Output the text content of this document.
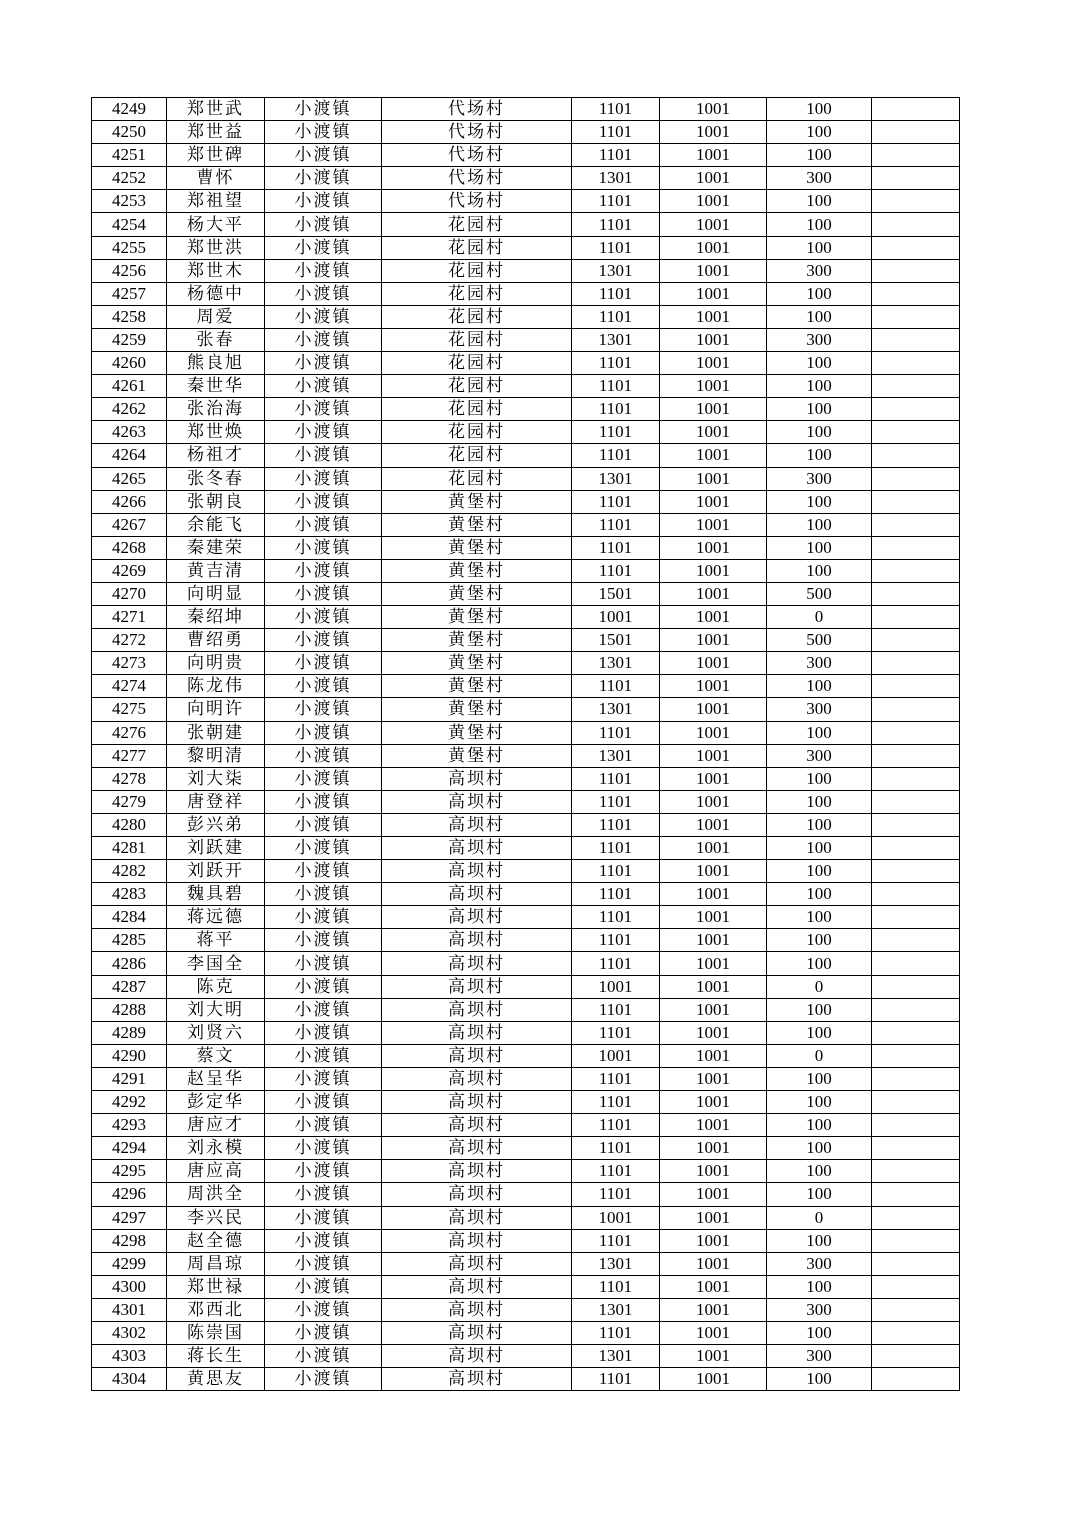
4249	郑世武	小渡镇	代场村	1101	1001	100	
4250	郑世益	小渡镇	代场村	1101	1001	100	
4251	郑世碑	小渡镇	代场村	1101	1001	100	
4252	曹怀	小渡镇	代场村	1301	1001	300	
4253	郑祖望	小渡镇	代场村	1101	1001	100	
4254	杨大平	小渡镇	花园村	1101	1001	100	
4255	郑世洪	小渡镇	花园村	1101	1001	100	
4256	郑世木	小渡镇	花园村	1301	1001	300	
4257	杨德中	小渡镇	花园村	1101	1001	100	
4258	周爱	小渡镇	花园村	1101	1001	100	
4259	张春	小渡镇	花园村	1301	1001	300	
4260	熊良旭	小渡镇	花园村	1101	1001	100	
4261	秦世华	小渡镇	花园村	1101	1001	100	
4262	张治海	小渡镇	花园村	1101	1001	100	
4263	郑世焕	小渡镇	花园村	1101	1001	100	
4264	杨祖才	小渡镇	花园村	1101	1001	100	
4265	张冬春	小渡镇	花园村	1301	1001	300	
4266	张朝良	小渡镇	黄堡村	1101	1001	100	
4267	余能飞	小渡镇	黄堡村	1101	1001	100	
4268	秦建荣	小渡镇	黄堡村	1101	1001	100	
4269	黄吉清	小渡镇	黄堡村	1101	1001	100	
4270	向明显	小渡镇	黄堡村	1501	1001	500	
4271	秦绍坤	小渡镇	黄堡村	1001	1001	0	
4272	曹绍勇	小渡镇	黄堡村	1501	1001	500	
4273	向明贵	小渡镇	黄堡村	1301	1001	300	
4274	陈龙伟	小渡镇	黄堡村	1101	1001	100	
4275	向明许	小渡镇	黄堡村	1301	1001	300	
4276	张朝建	小渡镇	黄堡村	1101	1001	100	
4277	黎明清	小渡镇	黄堡村	1301	1001	300	
4278	刘大柒	小渡镇	高坝村	1101	1001	100	
4279	唐登祥	小渡镇	高坝村	1101	1001	100	
4280	彭兴弟	小渡镇	高坝村	1101	1001	100	
4281	刘跃建	小渡镇	高坝村	1101	1001	100	
4282	刘跃开	小渡镇	高坝村	1101	1001	100	
4283	魏具碧	小渡镇	高坝村	1101	1001	100	
4284	蒋远德	小渡镇	高坝村	1101	1001	100	
4285	蒋平	小渡镇	高坝村	1101	1001	100	
4286	李国全	小渡镇	高坝村	1101	1001	100	
4287	陈克	小渡镇	高坝村	1001	1001	0	
4288	刘大明	小渡镇	高坝村	1101	1001	100	
4289	刘贤六	小渡镇	高坝村	1101	1001	100	
4290	蔡文	小渡镇	高坝村	1001	1001	0	
4291	赵呈华	小渡镇	高坝村	1101	1001	100	
4292	彭定华	小渡镇	高坝村	1101	1001	100	
4293	唐应才	小渡镇	高坝村	1101	1001	100	
4294	刘永模	小渡镇	高坝村	1101	1001	100	
4295	唐应高	小渡镇	高坝村	1101	1001	100	
4296	周洪全	小渡镇	高坝村	1101	1001	100	
4297	李兴民	小渡镇	高坝村	1001	1001	0	
4298	赵全德	小渡镇	高坝村	1101	1001	100	
4299	周昌琼	小渡镇	高坝村	1301	1001	300	
4300	郑世禄	小渡镇	高坝村	1101	1001	100	
4301	邓西北	小渡镇	高坝村	1301	1001	300	
4302	陈崇国	小渡镇	高坝村	1101	1001	100	
4303	蒋长生	小渡镇	高坝村	1301	1001	300	
4304	黄思友	小渡镇	高坝村	1101	1001	100	
